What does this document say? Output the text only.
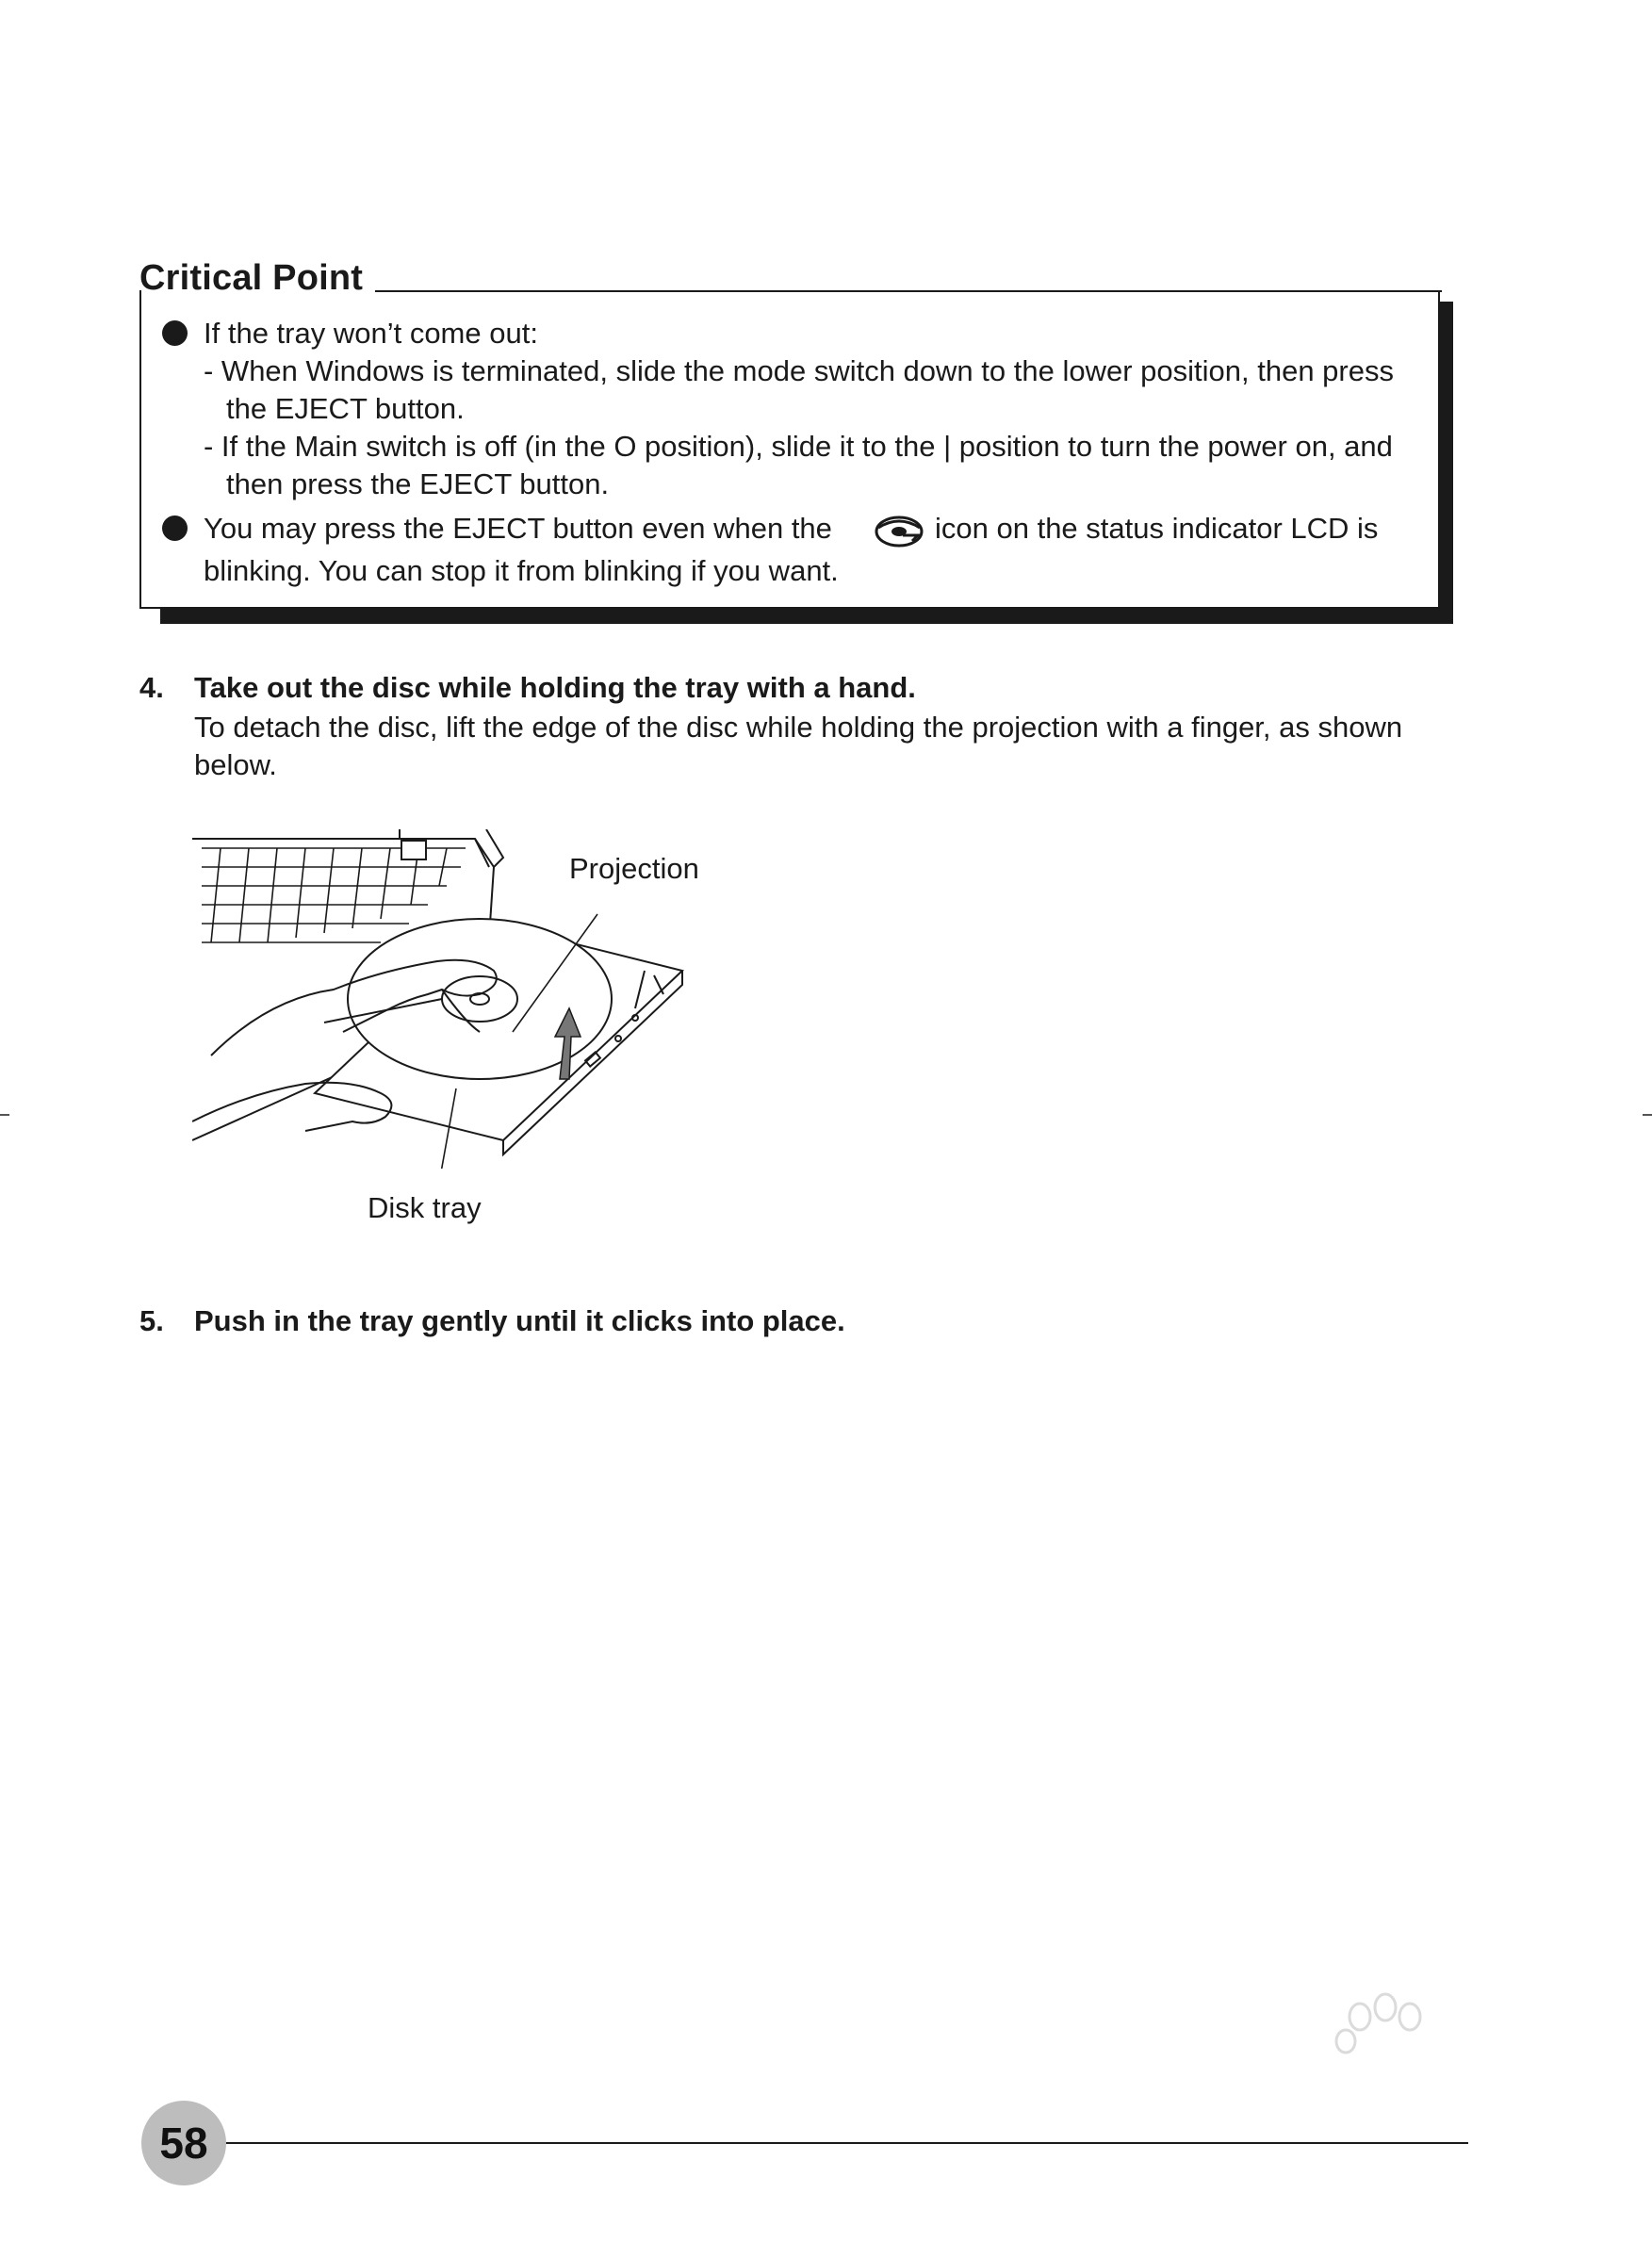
Critical Point
If the tray won’t come out:
- When Windows is terminated, slide the mode switch down to the lower position, then press
the EJECT button.
- If the Main switch is off (in the O position), slide it to the | position to turn the power on, and
then press the EJECT button.
You may press the EJECT button even when the	icon on the status indicator LCD is
blinking. You can stop it from blinking if you want.
4. Take out the disc while holding the tray with a hand.
To detach the disc, lift the edge of the disc while holding the projection with a finger, as shown
below.
Projection
Disk tray
5. Push in the tray gently until it clicks into place.
58
